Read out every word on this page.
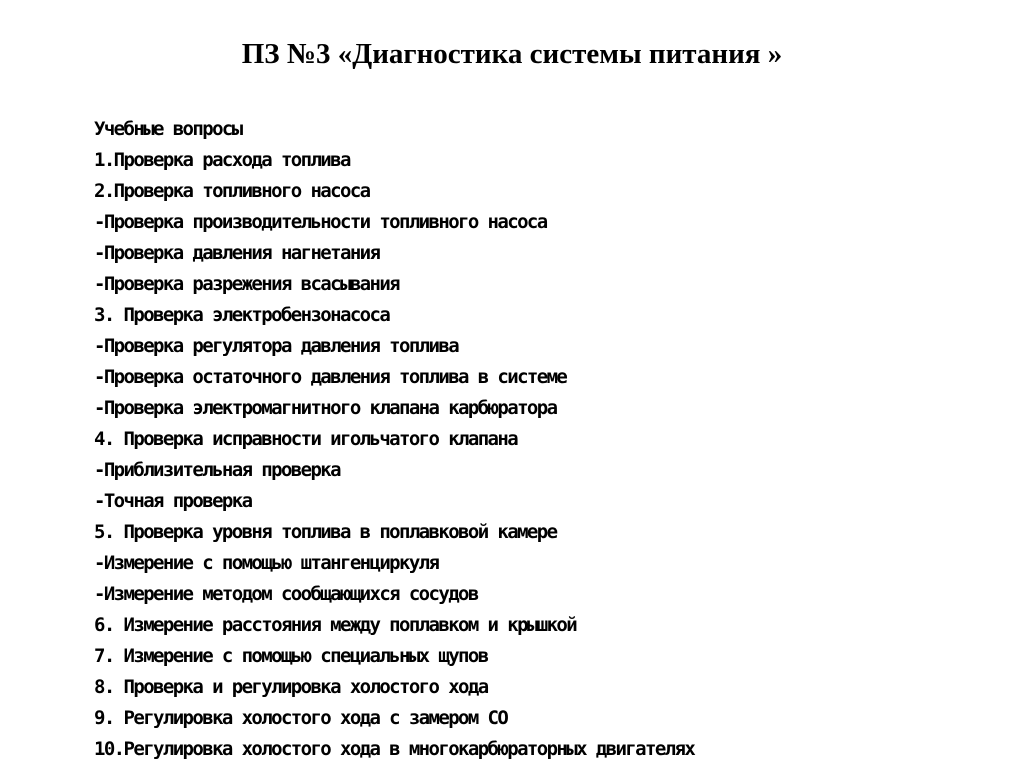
ПЗ №3 «Диагностика системы питания »
Учебные вопросы
1.Проверка расхода топлива
2.Проверка топливного насоса
-Проверка производительности топливного насоса
-Проверка давления нагнетания
-Проверка разрежения всасывания
3. Проверка электробензонасоса
-Проверка регулятора давления топлива
-Проверка остаточного давления топлива в системе
-Проверка электромагнитного клапана карбюратора
4. Проверка исправности игольчатого клапана
-Приблизительная проверка
-Точная проверка
5. Проверка уровня топлива в поплавковой камере
-Измерение с помощью штангенциркуля
-Измерение методом сообщающихся сосудов
6. Измерение расстояния между поплавком и крышкой
7. Измерение с помощью специальных щупов
8. Проверка и регулировка холостого хода
9. Регулировка холостого хода с замером СО
10.Регулировка холостого хода в многокарбюраторных двигателях
